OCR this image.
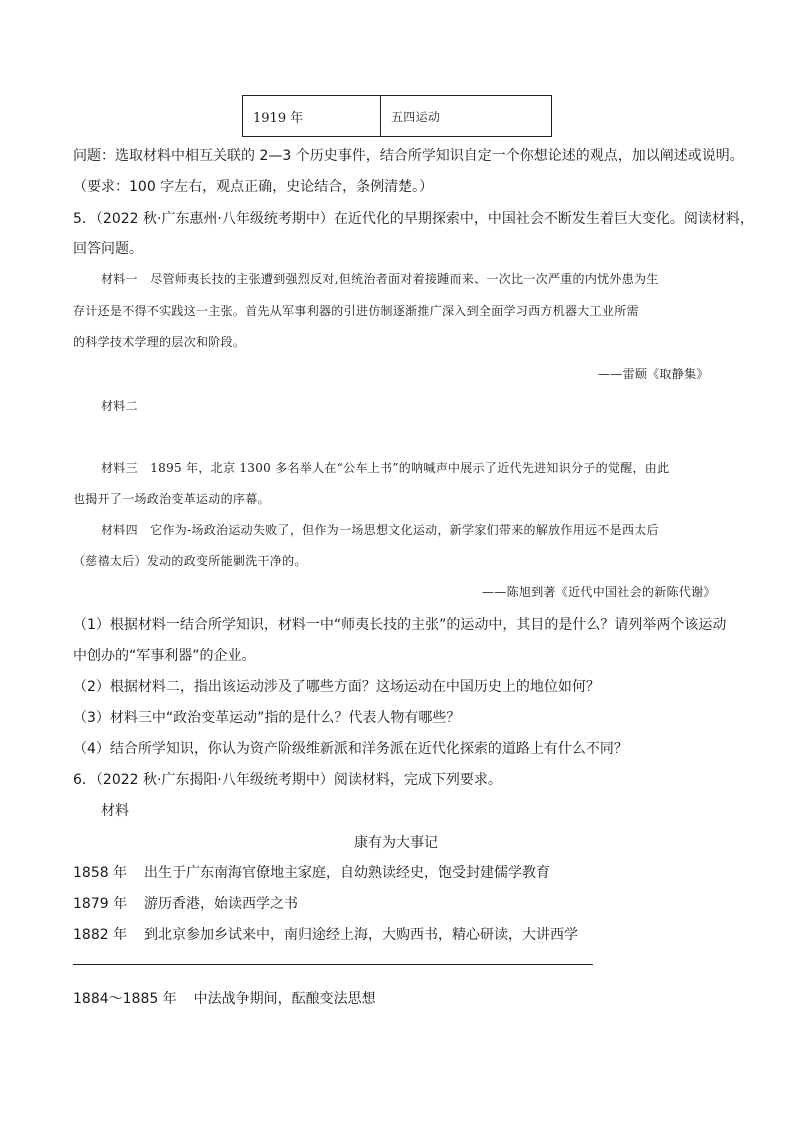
1919 年	五四运动
问题：选取材料中相互关联的 2—3 个历史事件，结合所学知识自定一个你想论述的观点，加以阐述或说明。
（要求：100 字左右，观点正确，史论结合，条例清楚。）
5．（2022 秋·广东惠州·八年级统考期中）在近代化的早期探索中，中国社会不断发生着巨大变化。阅读材料，
回答问题。
材料一　尽管师夷长技的主张遭到强烈反对,但统治者面对着接踵而来、一次比一次严重的内忧外患为生
存计还是不得不实践这一主张。首先从军事利器的引进仿制逐渐推广深入到全面学习西方机器大工业所需
的科学技术学理的层次和阶段。
——雷颐《取静集》
材料二
材料三　1895 年，北京 1300 多名举人在“公车上书”的呐喊声中展示了近代先进知识分子的觉醒，由此
也揭开了一场政治变革运动的序幕。
材料四　它作为-场政治运动失败了，但作为一场思想文化运动，新学家们带来的解放作用远不是西太后
（慈禧太后）发动的政变所能剿洗干净的。
——陈旭到著《近代中国社会的新陈代谢》
（1）根据材料一结合所学知识，材料一中“师夷长技的主张”的运动中，其目的是什么？请列举两个该运动
中创办的“军事利器”的企业。
（2）根据材料二，指出该运动涉及了哪些方面？这场运动在中国历史上的地位如何？
（3）材料三中“政治变革运动”指的是什么？代表人物有哪些？
（4）结合所学知识，你认为资产阶级维新派和洋务派在近代化探索的道路上有什么不同？
6．（2022 秋·广东揭阳·八年级统考期中）阅读材料，完成下列要求。
材料
康有为大事记
1858 年 出生于广东南海官僚地主家庭，自幼熟读经史，饱受封建儒学教育
1879 年 游历香港，始读西学之书
1882 年 到北京参加乡试来中，南归途经上海，大购西书，精心研读，大讲西学
1884～1885 年 中法战争期间，酝酿变法思想
